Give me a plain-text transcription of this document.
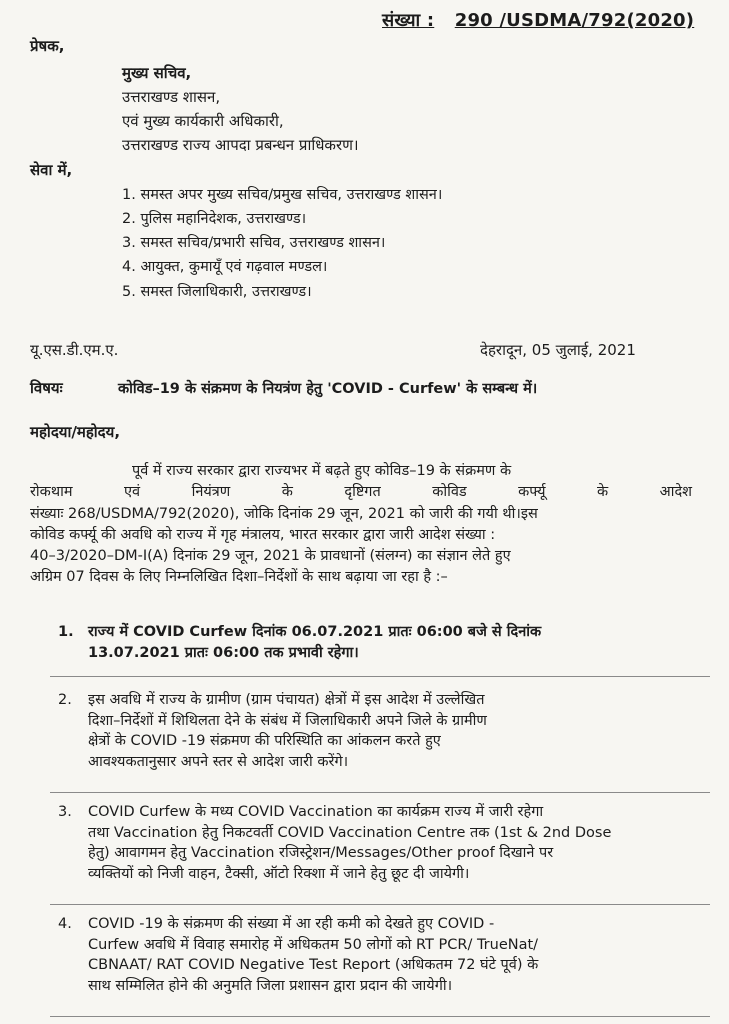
संख्या : 290 /USDMA/792(2020)
प्रेषक,
मुख्य सचिव,
उत्तराखण्ड शासन,
एवं मुख्य कार्यकारी अधिकारी,
उत्तराखण्ड राज्य आपदा प्रबन्धन प्राधिकरण।
सेवा में,
1. समस्त अपर मुख्य सचिव/प्रमुख सचिव, उत्तराखण्ड शासन।
2. पुलिस महानिदेशक, उत्तराखण्ड।
3. समस्त सचिव/प्रभारी सचिव, उत्तराखण्ड शासन।
4. आयुक्त, कुमायूँ एवं गढ़वाल मण्डल।
5. समस्त जिलाधिकारी, उत्तराखण्ड।
यू.एस.डी.एम.ए.	देहरादून, 05 जुलाई, 2021
विषयः	कोविड–19 के संक्रमण के नियत्रंण हेतु 'COVID - Curfew' के सम्बन्ध में।
महोदया/महोदय,
पूर्व में राज्य सरकार द्वारा राज्यभर में बढ़ते हुए कोविड–19 के संक्रमण के
रोकथाम एवं नियंत्रण के दृष्टिगत कोविड कर्फ्यू के आदेश
संख्याः 268/USDMA/792(2020), जोकि दिनांक 29 जून, 2021 को जारी की गयी थी।इस
कोविड कर्फ्यू की अवधि को राज्य में गृह मंत्रालय, भारत सरकार द्वारा जारी आदेश संख्या :
40–3/2020–DM-I(A) दिनांक 29 जून, 2021 के प्रावधानों (संलग्न) का संज्ञान लेते हुए
अग्रिम 07 दिवस के लिए निम्नलिखित दिशा–निर्देशों के साथ बढ़ाया जा रहा है :–
1. राज्य में COVID Curfew दिनांक 06.07.2021 प्रातः 06:00 बजे से दिनांक
13.07.2021 प्रातः 06:00 तक प्रभावी रहेगा।
2.	इस अवधि में राज्य के ग्रामीण (ग्राम पंचायत) क्षेत्रों में इस आदेश में उल्लेखित
दिशा–निर्देशों में शिथिलता देने के संबंध में जिलाधिकारी अपने जिले के ग्रामीण
क्षेत्रों के COVID -19 संक्रमण की परिस्थिति का आंकलन करते हुए
आवश्यकतानुसार अपने स्तर से आदेश जारी करेंगे।
3.	COVID Curfew के मध्य COVID Vaccination का कार्यक्रम राज्य में जारी रहेगा
तथा Vaccination हेतु निकटवर्ती COVID Vaccination Centre तक (1st & 2nd Dose
हेतु) आवागमन हेतु Vaccination रजिस्ट्रेशन/Messages/Other proof दिखाने पर
व्यक्तियों को निजी वाहन, टैक्सी, ऑटो रिक्शा में जाने हेतु छूट दी जायेगी।
4.	COVID -19 के संक्रमण की संख्या में आ रही कमी को देखते हुए COVID -
Curfew अवधि में विवाह समारोह में अधिकतम 50 लोगों को RT PCR/ TrueNat/
CBNAAT/ RAT COVID Negative Test Report (अधिकतम 72 घंटे पूर्व) के
साथ सम्मिलित होने की अनुमति जिला प्रशासन द्वारा प्रदान की जायेगी।
